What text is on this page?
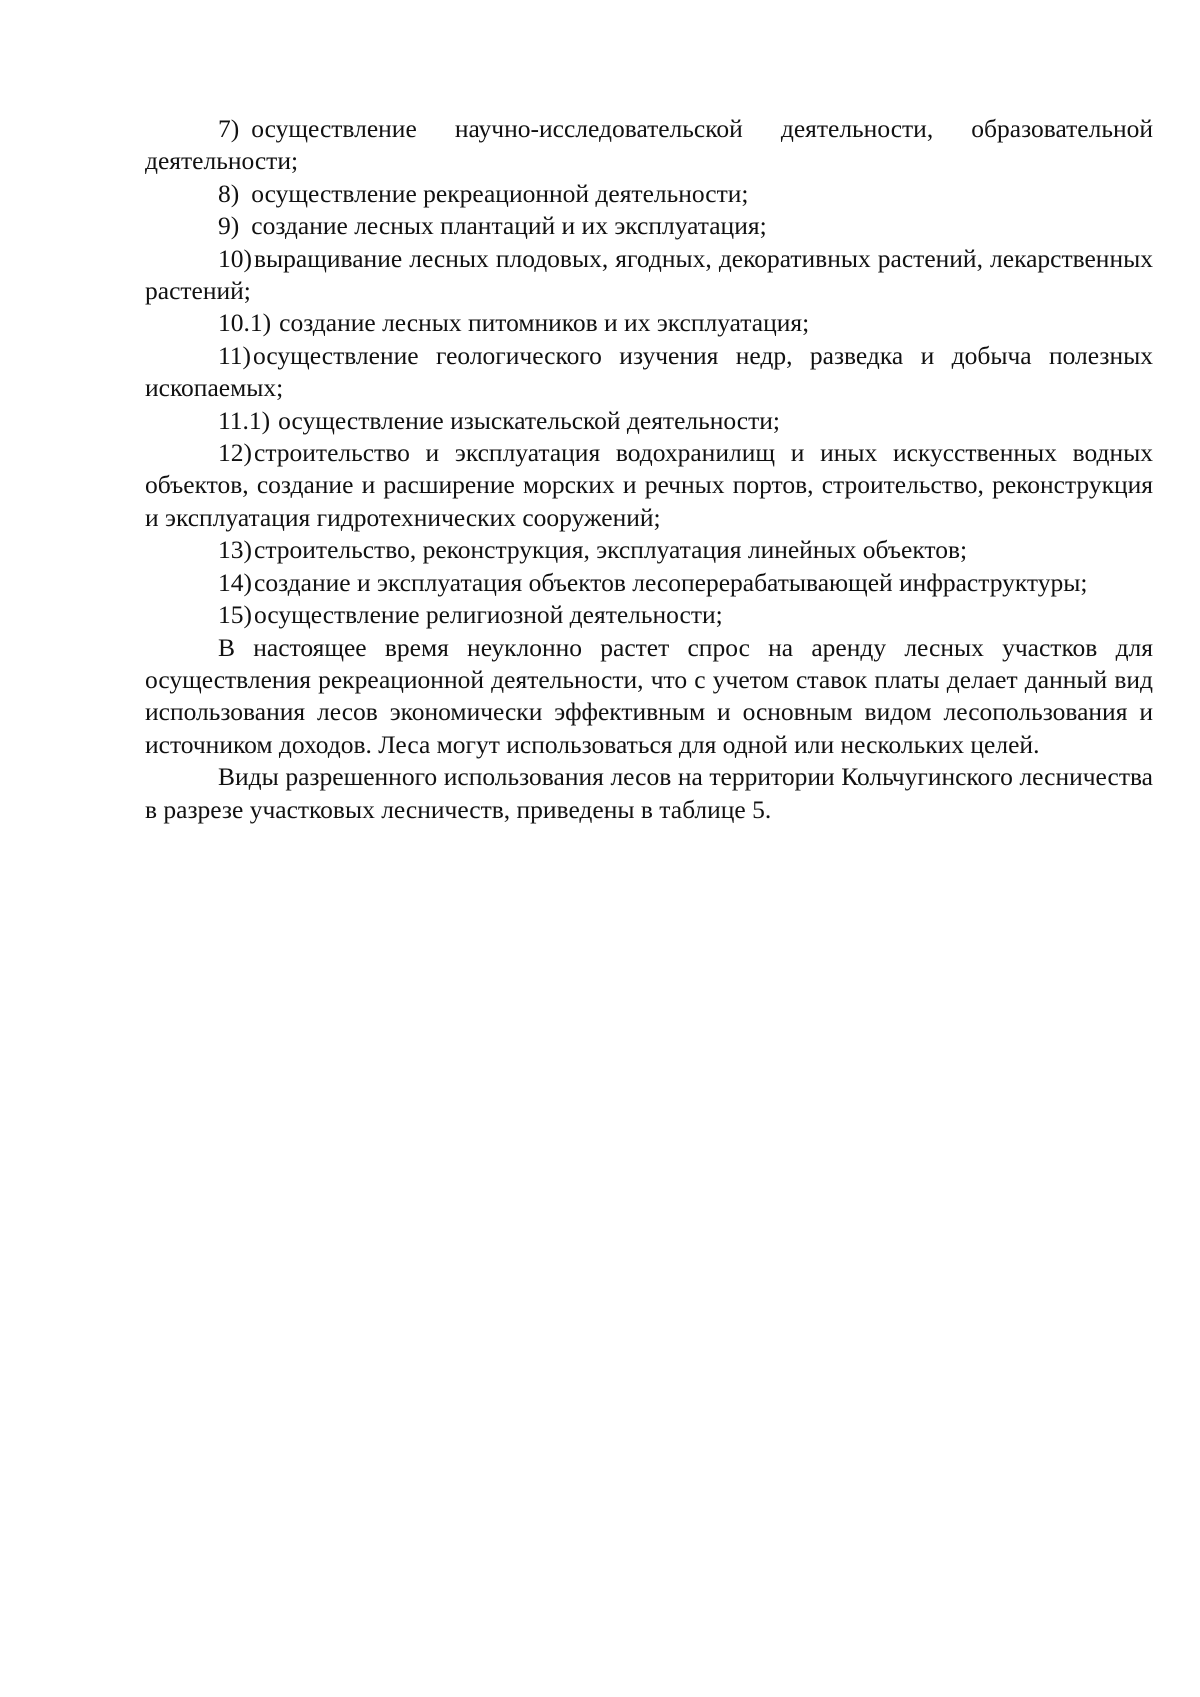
7) осуществление научно-исследовательской деятельности, образовательной деятельности;

8) осуществление рекреационной деятельности;

9) создание лесных плантаций и их эксплуатация;

10)выращивание лесных плодовых, ягодных, декоративных растений, лекарственных растений;

10.1) создание лесных питомников и их эксплуатация;

11)осуществление геологического изучения недр, разведка и добыча полезных ископаемых;

11.1) осуществление изыскательской деятельности;

12)строительство и эксплуатация водохранилищ и иных искусственных водных объектов, создание и расширение морских и речных портов, строительство, реконструкция и эксплуатация гидротехнических сооружений;

13)строительство, реконструкция, эксплуатация линейных объектов;

14)создание и эксплуатация объектов лесоперерабатывающей инфраструктуры;

15)осуществление религиозной деятельности;

В настоящее время неуклонно растет спрос на аренду лесных участков для осуществления рекреационной деятельности, что с учетом ставок платы делает данный вид использования лесов экономически эффективным и основным видом лесопользования и источником доходов. Леса могут использоваться для одной или нескольких целей.

Виды разрешенного использования лесов на территории Кольчугинского лесничества в разрезе участковых лесничеств, приведены в таблице 5.
